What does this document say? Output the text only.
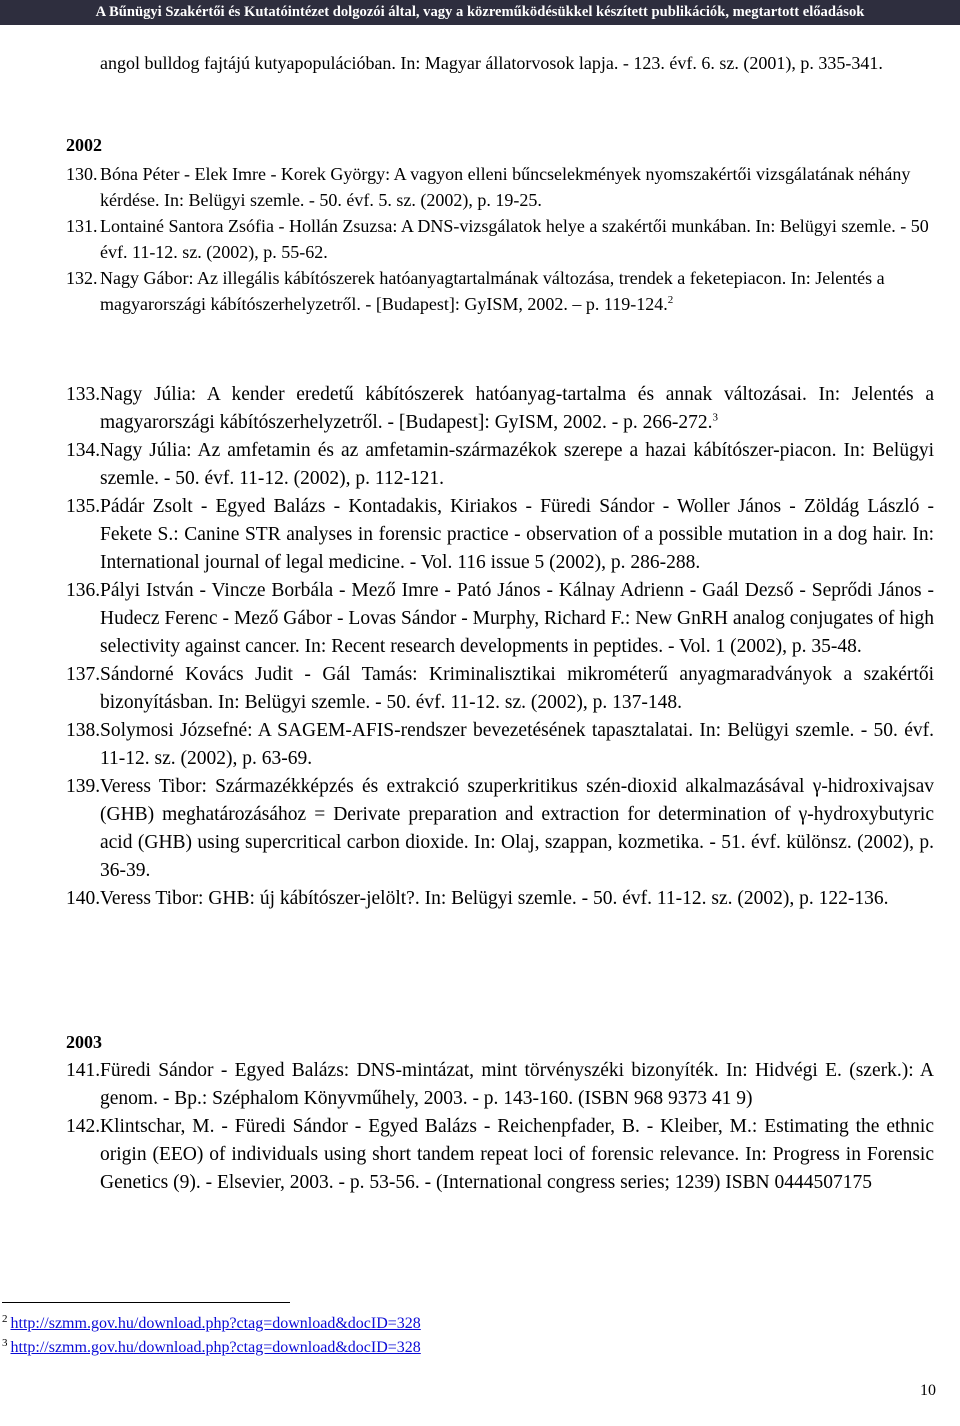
A Bűnügyi Szakértői és Kutatóintézet dolgozói által, vagy a közreműködésükkel készített publikációk, megtartott előadások
angol bulldog fajtájú kutyapopulációban. In: Magyar állatorvosok lapja. - 123. évf. 6. sz. (2001), p. 335-341.
2002
130. Bóna Péter - Elek Imre - Korek György: A vagyon elleni bűncselekmények nyomszakértői vizsgálatának néhány kérdése. In: Belügyi szemle. - 50. évf. 5. sz. (2002), p. 19-25.
131. Lontainé Santora Zsófia - Hollán Zsuzsa: A DNS-vizsgálatok helye a szakértői munkában. In: Belügyi szemle. - 50 évf. 11-12. sz. (2002), p. 55-62.
132. Nagy Gábor: Az illegális kábítószerek hatóanyagtartalmának változása, trendek a feketepiacon. In: Jelentés a magyarországi kábítószerhelyzetről. - [Budapest]: GyISM, 2002. – p. 119-124.$^2$
133. Nagy Júlia: A kender eredetű kábítószerek hatóanyag-tartalma és annak változásai. In: Jelentés a magyarországi kábítószerhelyzetről. - [Budapest]: GyISM, 2002. - p. 266-272.$^3$
134. Nagy Júlia: Az amfetamin és az amfetamin-származékok szerepe a hazai kábítószer-piacon. In: Belügyi szemle. - 50. évf. 11-12. (2002), p. 112-121.
135. Pádár Zsolt - Egyed Balázs - Kontadakis, Kiriakos - Füredi Sándor - Woller János - Zöldág László - Fekete S.: Canine STR analyses in forensic practice - observation of a possible mutation in a dog hair. In: International journal of legal medicine. - Vol. 116 issue 5 (2002), p. 286-288.
136. Pályi István - Vincze Borbála - Mező Imre - Pató János - Kálnay Adrienn - Gaál Dezső - Seprődi János - Hudecz Ferenc - Mező Gábor - Lovas Sándor - Murphy, Richard F.: New GnRH analog conjugates of high selectivity against cancer. In: Recent research developments in peptides. - Vol. 1 (2002), p. 35-48.
137. Sándorné Kovács Judit - Gál Tamás: Kriminalisztikai mikrométerű anyagmaradványok a szakértői bizonyításban. In: Belügyi szemle. - 50. évf. 11-12. sz. (2002), p. 137-148.
138. Solymosi Józsefné: A SAGEM-AFIS-rendszer bevezetésének tapasztalatai. In: Belügyi szemle. - 50. évf. 11-12. sz. (2002), p. 63-69.
139. Veress Tibor: Származékképzés és extrakció szuperkritikus szén-dioxid alkalmazásával γ-hidroxivajsav (GHB) meghatározásához = Derivate preparation and extraction for determination of γ-hydroxybutyric acid (GHB) using supercritical carbon dioxide. In: Olaj, szappan, kozmetika. - 51. évf. különsz. (2002), p. 36-39.
140. Veress Tibor: GHB: új kábítószer-jelölt?. In: Belügyi szemle. - 50. évf. 11-12. sz. (2002), p. 122-136.
2003
141. Füredi Sándor - Egyed Balázs: DNS-mintázat, mint törvényszéki bizonyíték. In: Hidvégi E. (szerk.): A genom. - Bp.: Széphalom Könyvműhely, 2003. - p. 143-160. (ISBN 968 9373 41 9)
142. Klintschar, M. - Füredi Sándor - Egyed Balázs - Reichenpfader, B. - Kleiber, M.: Estimating the ethnic origin (EEO) of individuals using short tandem repeat loci of forensic relevance. In: Progress in Forensic Genetics (9). - Elsevier, 2003. - p. 53-56. - (International congress series; 1239) ISBN 0444507175
$^2$ http://szmm.gov.hu/download.php?ctag=download&docID=328
$^3$ http://szmm.gov.hu/download.php?ctag=download&docID=328
10
